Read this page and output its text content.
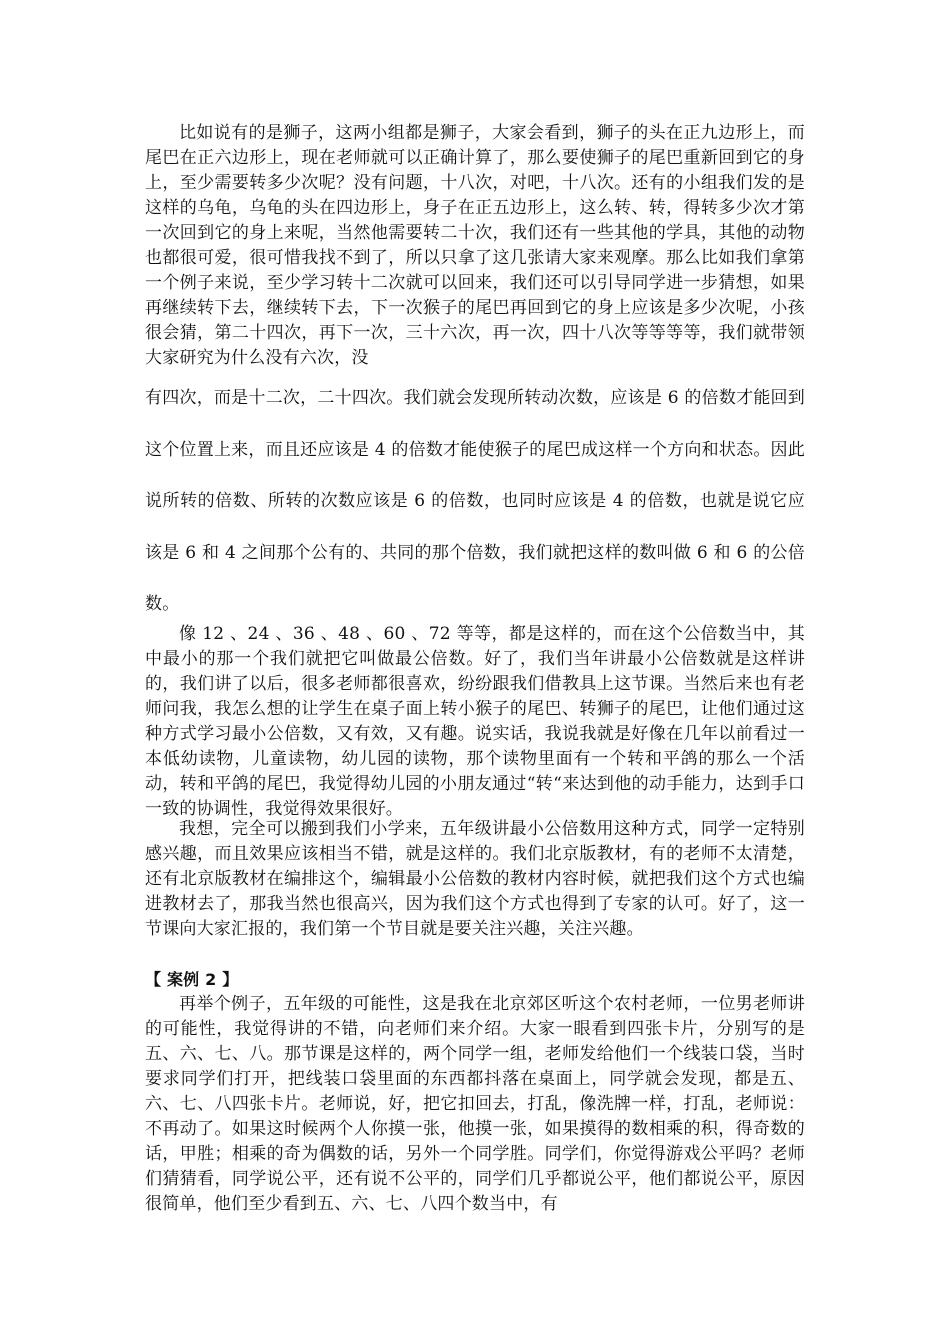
比如说有的是狮子，这两小组都是狮子，大家会看到，狮子的头在正九边形上，而尾巴在正六边形上，现在老师就可以正确计算了，那么要使狮子的尾巴重新回到它的身上，至少需要转多少次呢？没有问题，十八次，对吧，十八次。还有的小组我们发的是这样的乌龟，乌龟的头在四边形上，身子在正五边形上，这么转、转，得转多少次才第一次回到它的身上来呢，当然他需要转二十次，我们还有一些其他的学具，其他的动物也都很可爱，很可惜我找不到了，所以只拿了这几张请大家来观摩。那么比如我们拿第一个例子来说，至少学习转十二次就可以回来，我们还可以引导同学进一步猜想，如果再继续转下去，继续转下去，下一次猴子的尾巴再回到它的身上应该是多少次呢，小孩很会猜，第二十四次，再下一次，三十六次，再一次，四十八次等等等等，我们就带领大家研究为什么没有六次，没

有四次，而是十二次，二十四次。我们就会发现所转动次数，应该是 6 的倍数才能回到这个位置上来，而且还应该是 4 的倍数才能使猴子的尾巴成这样一个方向和状态。因此说所转的倍数、所转的次数应该是 6 的倍数，也同时应该是 4 的倍数，也就是说它应该是 6 和 4 之间那个公有的、共同的那个倍数，我们就把这样的数叫做 6 和 6 的公倍数。

像 12 、24 、36 、48 、60 、72 等等，都是这样的，而在这个公倍数当中，其中最小的那一个我们就把它叫做最公倍数。好了，我们当年讲最小公倍数就是这样讲的，我们讲了以后，很多老师都很喜欢，纷纷跟我们借教具上这节课。当然后来也有老师问我，我怎么想的让学生在桌子面上转小猴子的尾巴、转狮子的尾巴，让他们通过这种方式学习最小公倍数，又有效，又有趣。说实话，我说我就是好像在几年以前看过一本低幼读物，儿童读物，幼儿园的读物，那个读物里面有一个转和平鸽的那么一个活动，转和平鸽的尾巴，我觉得幼儿园的小朋友通过“转“来达到他的动手能力，达到手口一致的协调性，我觉得效果很好。

我想，完全可以搬到我们小学来，五年级讲最小公倍数用这种方式，同学一定特别感兴趣，而且效果应该相当不错，就是这样的。我们北京版教材，有的老师不太清楚，还有北京版教材在编排这个，编辑最小公倍数的教材内容时候，就把我们这个方式也编进教材去了，那我当然也很高兴，因为我们这个方式也得到了专家的认可。好了，这一节课向大家汇报的，我们第一个节目就是要关注兴趣，关注兴趣。

【 案例 2 】

再举个例子，五年级的可能性，这是我在北京郊区听这个农村老师，一位男老师讲的可能性，我觉得讲的不错，向老师们来介绍。大家一眼看到四张卡片，分别写的是五、六、七、八。那节课是这样的，两个同学一组，老师发给他们一个线装口袋，当时要求同学们打开，把线装口袋里面的东西都抖落在桌面上，同学就会发现，都是五、六、七、八四张卡片。老师说，好，把它扣回去，打乱，像洗牌一样，打乱，老师说：不再动了。如果这时候两个人你摸一张，他摸一张，如果摸得的数相乘的积，得奇数的话，甲胜；相乘的奇为偶数的话，另外一个同学胜。同学们，你觉得游戏公平吗？老师们猜猜看，同学说公平，还有说不公平的，同学们几乎都说公平，他们都说公平，原因很简单，他们至少看到五、六、七、八四个数当中，有
